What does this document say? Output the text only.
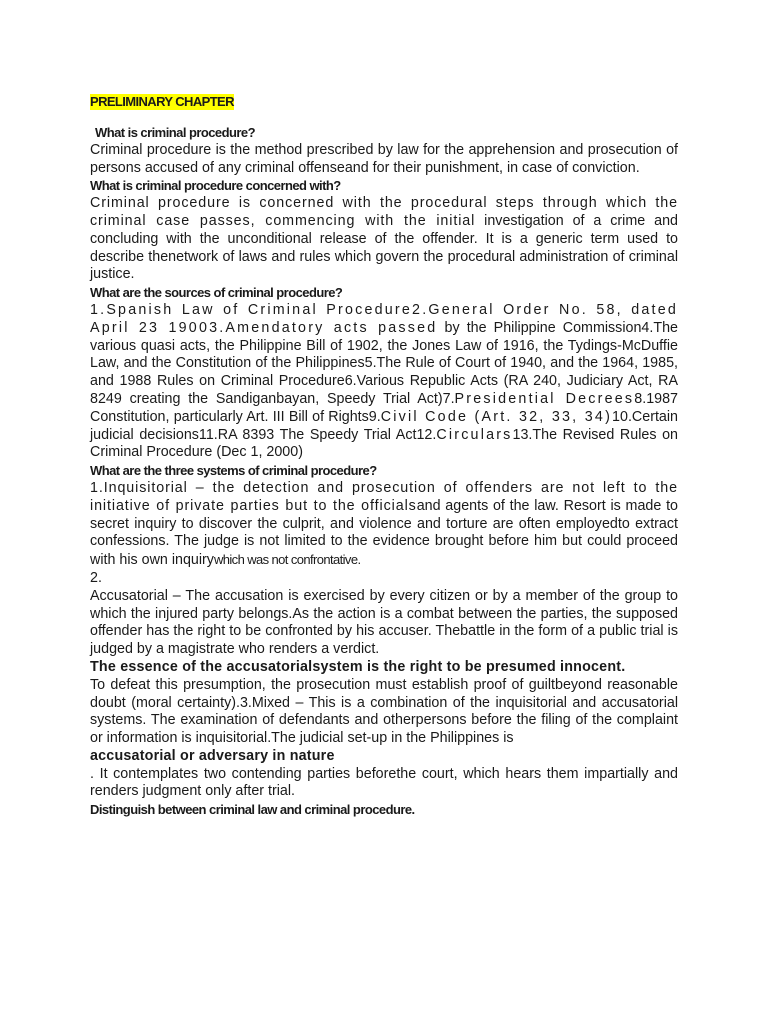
PRELIMINARY CHAPTER

What is criminal procedure?

Criminal procedure is the method prescribed by law for the apprehension and prosecution of persons accused of any criminal offenseand for their punishment, in case of conviction.

What is criminal procedure concerned with?

Criminal procedure is concerned with the procedural steps through which the criminal case passes, commencing with the initial investigation of a crime and concluding with the unconditional release of the offender. It is a generic term used to describe thenetwork of laws and rules which govern the procedural administration of criminal justice.

What are the sources of criminal procedure?

1.Spanish Law of Criminal Procedure2.General Order No. 58, dated April 23 19003.Amendatory acts passed by the Philippine Commission4.The various quasi acts, the Philippine Bill of 1902, the Jones Law of 1916, the Tydings-McDuffie Law, and the Constitution of the Philippines5.The Rule of Court of 1940, and the 1964, 1985, and 1988 Rules on Criminal Procedure6.Various Republic Acts (RA 240, Judiciary Act, RA 8249 creating the Sandiganbayan, Speedy Trial Act)7.Presidential Decrees8.1987 Constitution, particularly Art. III Bill of Rights9.Civil Code (Art. 32, 33, 34)10.Certain judicial decisions11.RA 8393 The Speedy Trial Act12.Circulars13.The Revised Rules on Criminal Procedure (Dec 1, 2000)

What are the three systems of criminal procedure?

1.Inquisitorial – the detection and prosecution of offenders are not left to the initiative of private parties but to the officialsand agents of the law. Resort is made to secret inquiry to discover the culprit, and violence and torture are often employedto extract confessions. The judge is not limited to the evidence brought before him but could proceed with his own inquirywhich was not confrontative.

2.

Accusatorial – The accusation is exercised by every citizen or by a member of the group to which the injured party belongs.As the action is a combat between the parties, the supposed offender has the right to be confronted by his accuser. Thebattle in the form of a public trial is judged by a magistrate who renders a verdict.

The essence of the accusatorialsystem is the right to be presumed innocent.

To defeat this presumption, the prosecution must establish proof of guiltbeyond reasonable doubt (moral certainty).3.Mixed – This is a combination of the inquisitorial and accusatorial systems. The examination of defendants and otherpersons before the filing of the complaint or information is inquisitorial.The judicial set-up in the Philippines is

accusatorial or adversary in nature

. It contemplates two contending parties beforethe court, which hears them impartially and renders judgment only after trial.

Distinguish between criminal law and criminal procedure.
